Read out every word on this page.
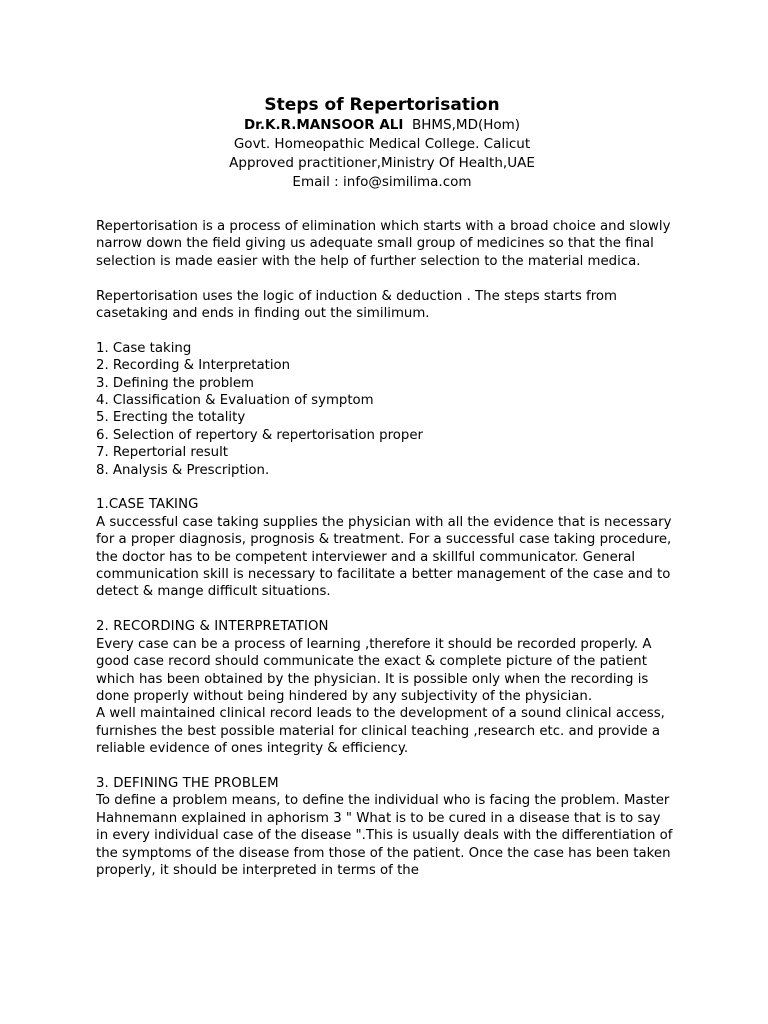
Steps of Repertorisation

Dr.K.R.MANSOOR ALI BHMS,MD(Hom)

Govt. Homeopathic Medical College. Calicut

Approved practitioner,Ministry Of Health,UAE

Email : info@similima.com

Repertorisation is a process of elimination which starts with a broad choice and slowly narrow down the field giving us adequate small group of medicines so that the final selection is made easier with the help of further selection to the material medica.

Repertorisation uses the logic of induction & deduction . The steps starts from casetaking and ends in finding out the similimum.

1. Case taking
2. Recording & Interpretation
3. Defining the problem
4. Classification & Evaluation of symptom
5. Erecting the totality
6. Selection of repertory & repertorisation proper
7. Repertorial result
8. Analysis & Prescription.
1.CASE TAKING

A successful case taking supplies the physician with all the evidence that is necessary for a proper diagnosis, prognosis & treatment. For a successful case taking procedure, the doctor has to be competent interviewer and a skillful communicator. General communication skill is necessary to facilitate a better management of the case and to detect & mange difficult situations.

2. RECORDING & INTERPRETATION

Every case can be a process of learning ,therefore it should be recorded properly. A good case record should communicate the exact & complete picture of the patient which has been obtained by the physician. It is possible only when the recording is done properly without being hindered by any subjectivity of the physician.

A well maintained clinical record leads to the development of a sound clinical access, furnishes the best possible material for clinical teaching ,research etc. and provide a reliable evidence of ones integrity & efficiency.

3. DEFINING THE PROBLEM

To define a problem means, to define the individual who is facing the problem. Master Hahnemann explained in aphorism 3 " What is to be cured in a disease that is to say in every individual case of the disease ".This is usually deals with the differentiation of the symptoms of the disease from those of the patient. Once the case has been taken properly, it should be interpreted in terms of the
